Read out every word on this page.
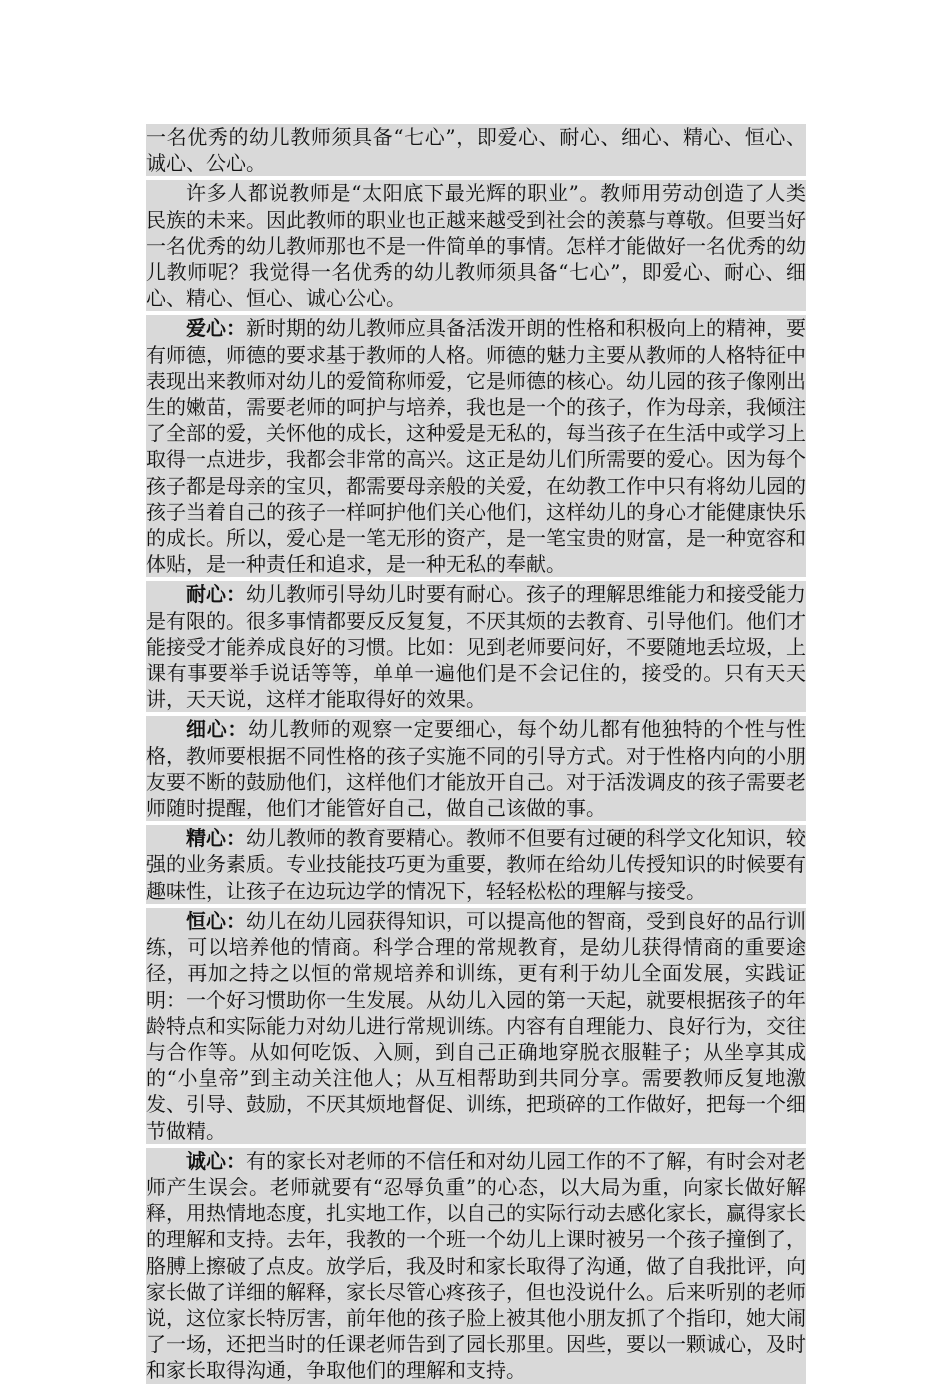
一名优秀的幼儿教师须具备“七心”，即爱心、耐心、细心、精心、恒心、诚心、公心。

许多人都说教师是“太阳底下最光辉的职业”。教师用劳动创造了人类民族的未来。因此教师的职业也正越来越受到社会的羡慕与尊敬。但要当好一名优秀的幼儿教师那也不是一件简单的事情。怎样才能做好一名优秀的幼儿教师呢？我觉得一名优秀的幼儿教师须具备“七心”，即爱心、耐心、细心、精心、恒心、诚心公心。

爱心：新时期的幼儿教师应具备活泼开朗的性格和积极向上的精神，要有师德，师德的要求基于教师的人格。师德的魅力主要从教师的人格特征中表现出来教师对幼儿的爱简称师爱，它是师德的核心。幼儿园的孩子像刚出生的嫩苗，需要老师的呵护与培养，我也是一个的孩子，作为母亲，我倾注了全部的爱，关怀他的成长，这种爱是无私的，每当孩子在生活中或学习上取得一点进步，我都会非常的高兴。这正是幼儿们所需要的爱心。因为每个孩子都是母亲的宝贝，都需要母亲般的关爱，在幼教工作中只有将幼儿园的孩子当着自己的孩子一样呵护他们关心他们，这样幼儿的身心才能健康快乐的成长。所以，爱心是一笔无形的资产，是一笔宝贵的财富，是一种宽容和体贴，是一种责任和追求，是一种无私的奉献。

耐心：幼儿教师引导幼儿时要有耐心。孩子的理解思维能力和接受能力是有限的。很多事情都要反反复复，不厌其烦的去教育、引导他们。他们才能接受才能养成良好的习惯。比如：见到老师要问好，不要随地丢垃圾，上课有事要举手说话等等，单单一遍他们是不会记住的，接受的。只有天天讲，天天说，这样才能取得好的效果。

细心：幼儿教师的观察一定要细心，每个幼儿都有他独特的个性与性格，教师要根据不同性格的孩子实施不同的引导方式。对于性格内向的小朋友要不断的鼓励他们，这样他们才能放开自己。对于活泼调皮的孩子需要老师随时提醒，他们才能管好自己，做自己该做的事。

精心：幼儿教师的教育要精心。教师不但要有过硬的科学文化知识，较强的业务素质。专业技能技巧更为重要，教师在给幼儿传授知识的时候要有趣味性，让孩子在边玩边学的情况下，轻轻松松的理解与接受。

恒心：幼儿在幼儿园获得知识，可以提高他的智商，受到良好的品行训练，可以培养他的情商。科学合理的常规教育，是幼儿获得情商的重要途径，再加之持之以恒的常规培养和训练，更有利于幼儿全面发展，实践证明：一个好习惯助你一生发展。从幼儿入园的第一天起，就要根据孩子的年龄特点和实际能力对幼儿进行常规训练。内容有自理能力、良好行为，交往与合作等。从如何吃饭、入厕，到自己正确地穿脱衣服鞋子；从坐享其成的“小皇帝”到主动关注他人；从互相帮助到共同分享。需要教师反复地激发、引导、鼓励，不厌其烦地督促、训练，把琐碎的工作做好，把每一个细节做精。

诚心：有的家长对老师的不信任和对幼儿园工作的不了解，有时会对老师产生误会。老师就要有“忍辱负重”的心态，以大局为重，向家长做好解释，用热情地态度，扎实地工作，以自己的实际行动去感化家长，赢得家长的理解和支持。去年，我教的一个班一个幼儿上课时被另一个孩子撞倒了，胳膊上擦破了点皮。放学后，我及时和家长取得了沟通，做了自我批评，向家长做了详细的解释，家长尽管心疼孩子，但也没说什么。后来听别的老师说，这位家长特厉害，前年他的孩子脸上被其他小朋友抓了个指印，她大闹了一场，还把当时的任课老师告到了园长那里。因些，要以一颗诚心，及时和家长取得沟通，争取他们的理解和支持。
